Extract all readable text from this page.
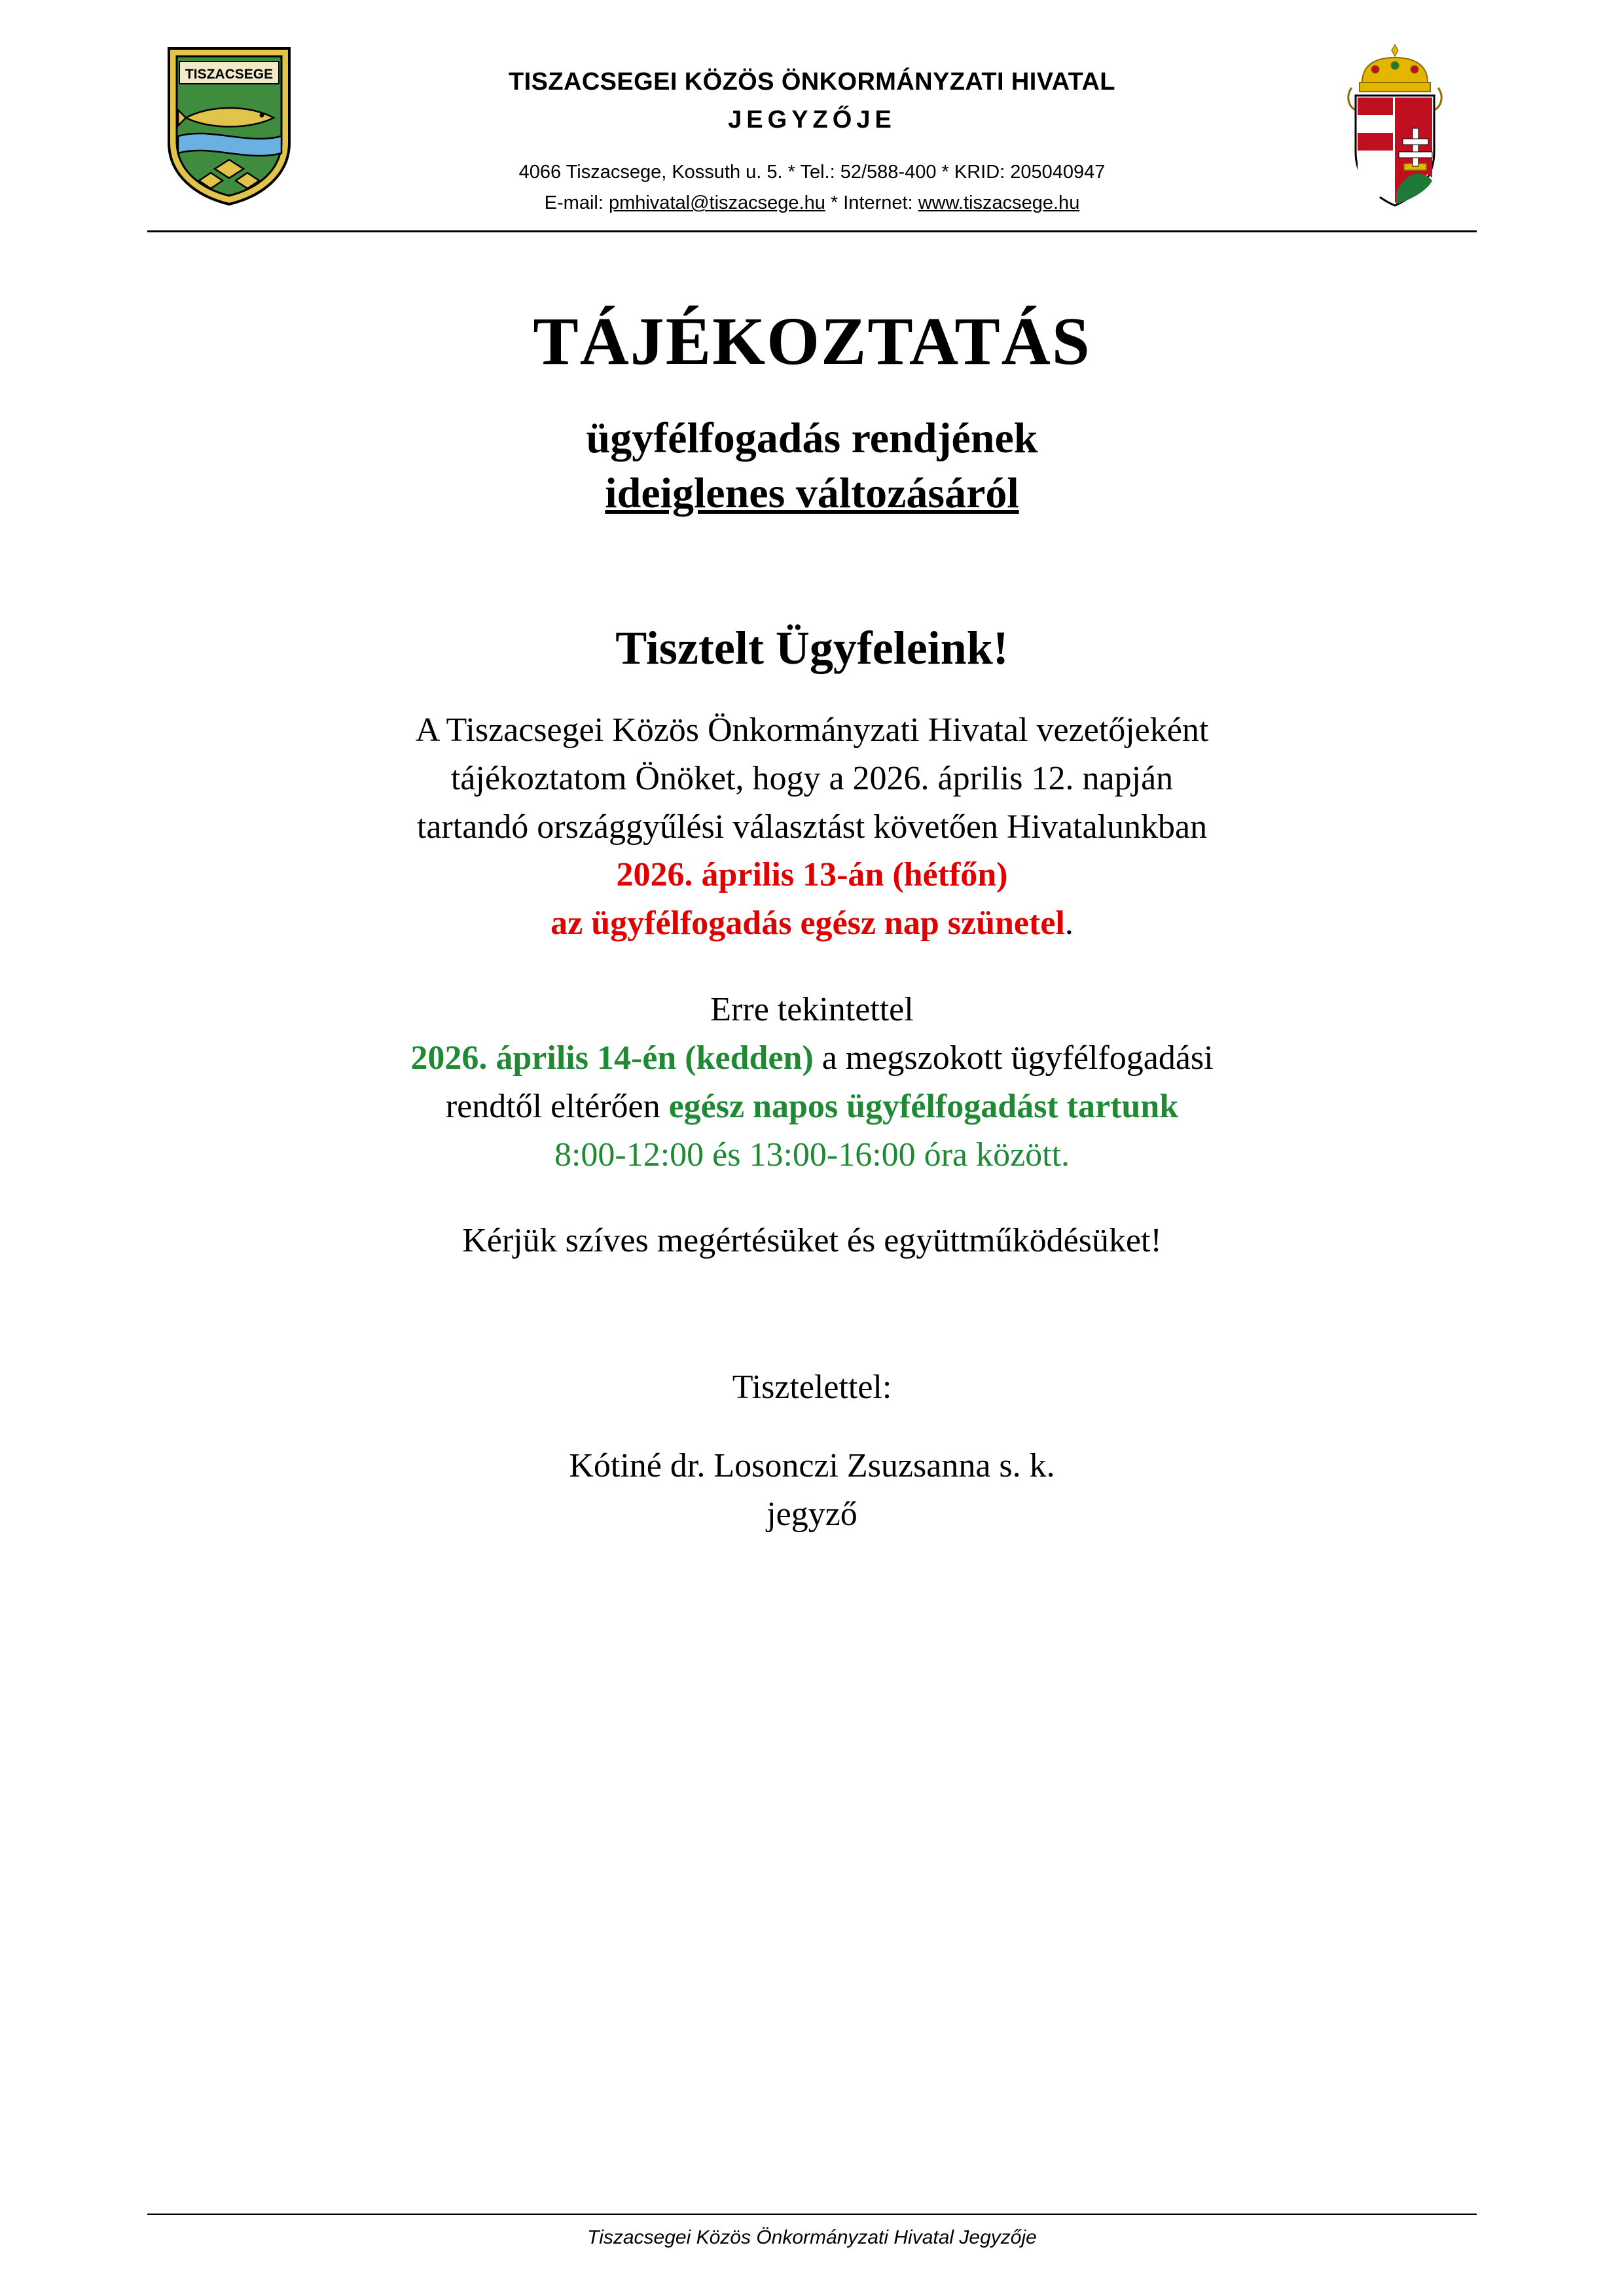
TISZACSEGE	TISZACSEGEI KÖZÖS ÖNKORMÁNYZATI HIVATAL
JEGYZŐJE
4066 Tiszacsege, Kossuth u. 5. * Tel.: 52/588-400 * KRID: 205040947
E-mail: pmhivatal@tiszacsege.hu * Internet: www.tiszacsege.hu
TÁJÉKOZTATÁS
ügyfélfogadás rendjének
ideiglenes változásáról
Tisztelt Ügyfeleink!
A Tiszacsegei Közös Önkormányzati Hivatal vezetőjeként
tájékoztatom Önöket, hogy a 2026. április 12. napján
tartandó országgyűlési választást követően Hivatalunkban
2026. április 13-án (hétfőn)
az ügyfélfogadás egész nap szünetel.
Erre tekintettel
2026. április 14-én (kedden) a megszokott ügyfélfogadási
rendtől eltérően egész napos ügyfélfogadást tartunk
8:00-12:00 és 13:00-16:00 óra között.
Kérjük szíves megértésüket és együttműködésüket!
Tisztelettel:
Kótiné dr. Losonczi Zsuzsanna s. k.
jegyző
Tiszacsegei Közös Önkormányzati Hivatal Jegyzője
